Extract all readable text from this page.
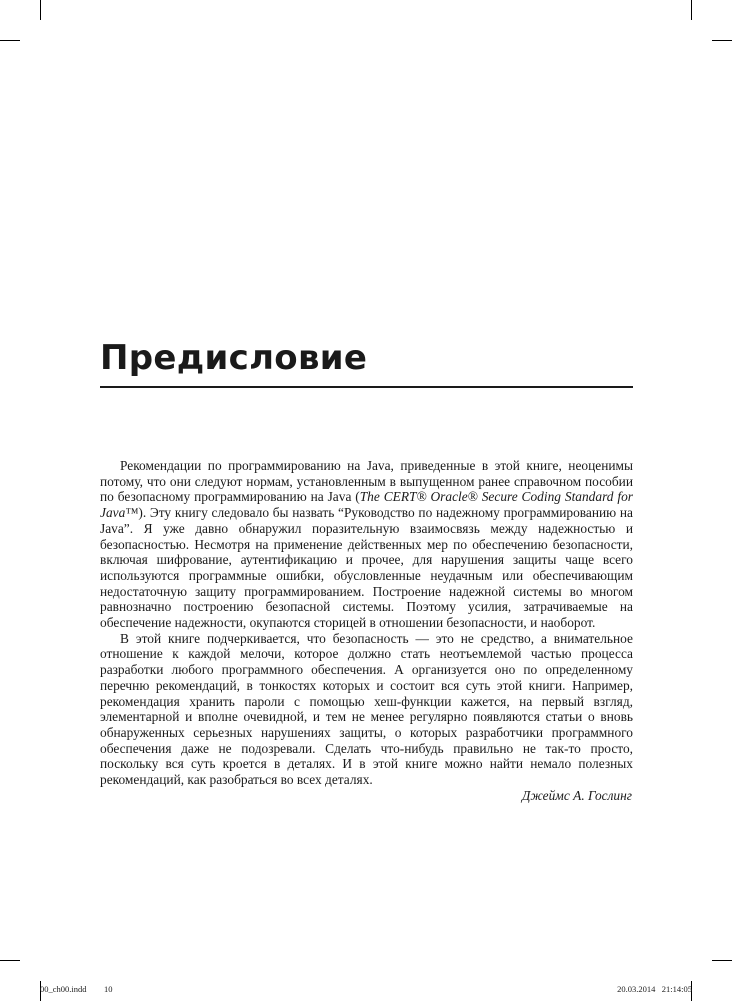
Предисловие

Рекомендации по программированию на Java, приведенные в этой книге, неоценимы потому, что они следуют нормам, установленным в выпущенном ранее справочном пособии по безопасному программированию на Java (The CERT® Oracle® Secure Coding Standard for Java™). Эту книгу следовало бы назвать “Руководство по надежному программированию на Java”. Я уже давно обнаружил поразительную взаимосвязь между надежностью и безопасностью. Несмотря на применение действенных мер по обеспечению безопасности, включая шифрование, аутентификацию и прочее, для нарушения защиты чаще всего используются программные ошибки, обусловленные неудачным или обеспечивающим недостаточную защиту программированием. Построение надежной системы во многом равнозначно построению безопасной системы. Поэтому усилия, затрачиваемые на обеспечение надежности, окупаются сторицей в отношении безопасности, и наоборот.

В этой книге подчеркивается, что безопасность — это не средство, а внимательное отношение к каждой мелочи, которое должно стать неотъемлемой частью процесса разработки любого программного обеспечения. А организуется оно по определенному перечню рекомендаций, в тонкостях которых и состоит вся суть этой книги. Например, рекомендация хранить пароли с помощью хеш-функции кажется, на первый взгляд, элементарной и вполне очевидной, и тем не менее регулярно появляются статьи о вновь обнаруженных серьезных нарушениях защиты, о которых разработчики программного обеспечения даже не подозревали. Сделать что-нибудь правильно не так-то просто, поскольку вся суть кроется в деталях. И в этой книге можно найти немало полезных рекомендаций, как разобраться во всех деталях.

Джеймс А. Гослинг

00_ch00.indd 10	20.03.2014   21:14:05
